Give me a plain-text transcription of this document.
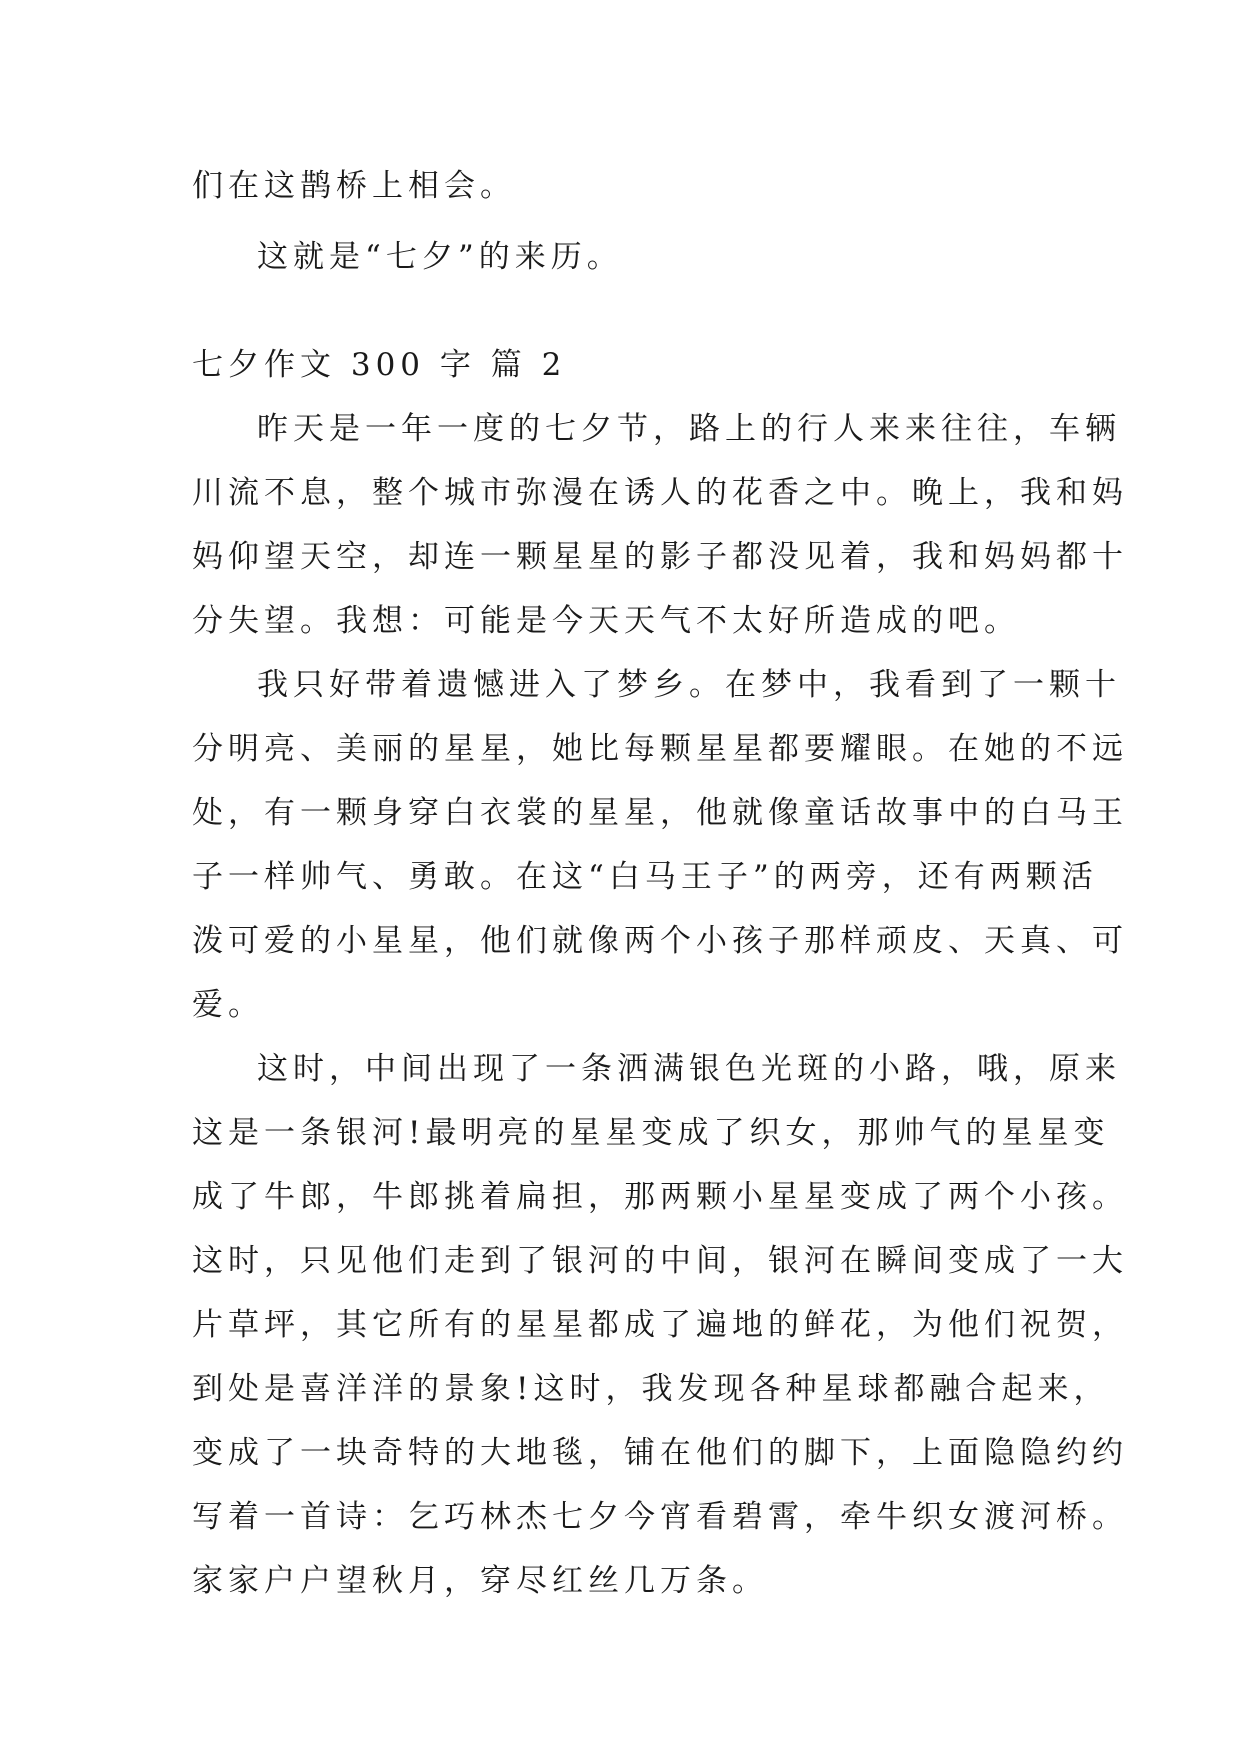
们在这鹊桥上相会。
这就是“七夕”的来历。
七夕作文 300 字 篇 2
昨天是一年一度的七夕节，路上的行人来来往往，车辆
川流不息，整个城市弥漫在诱人的花香之中。晚上，我和妈
妈仰望天空，却连一颗星星的影子都没见着，我和妈妈都十
分失望。我想：可能是今天天气不太好所造成的吧。
我只好带着遗憾进入了梦乡。在梦中，我看到了一颗十
分明亮、美丽的星星，她比每颗星星都要耀眼。在她的不远
处，有一颗身穿白衣裳的星星，他就像童话故事中的白马王
子一样帅气、勇敢。在这“白马王子”的两旁，还有两颗活
泼可爱的小星星，他们就像两个小孩子那样顽皮、天真、可
爱。
这时，中间出现了一条洒满银色光斑的小路，哦，原来
这是一条银河!最明亮的星星变成了织女，那帅气的星星变
成了牛郎，牛郎挑着扁担，那两颗小星星变成了两个小孩。
这时，只见他们走到了银河的中间，银河在瞬间变成了一大
片草坪，其它所有的星星都成了遍地的鲜花，为他们祝贺，
到处是喜洋洋的景象!这时，我发现各种星球都融合起来，
变成了一块奇特的大地毯，铺在他们的脚下，上面隐隐约约
写着一首诗：乞巧林杰七夕今宵看碧霄，牵牛织女渡河桥。
家家户户望秋月，穿尽红丝几万条。
